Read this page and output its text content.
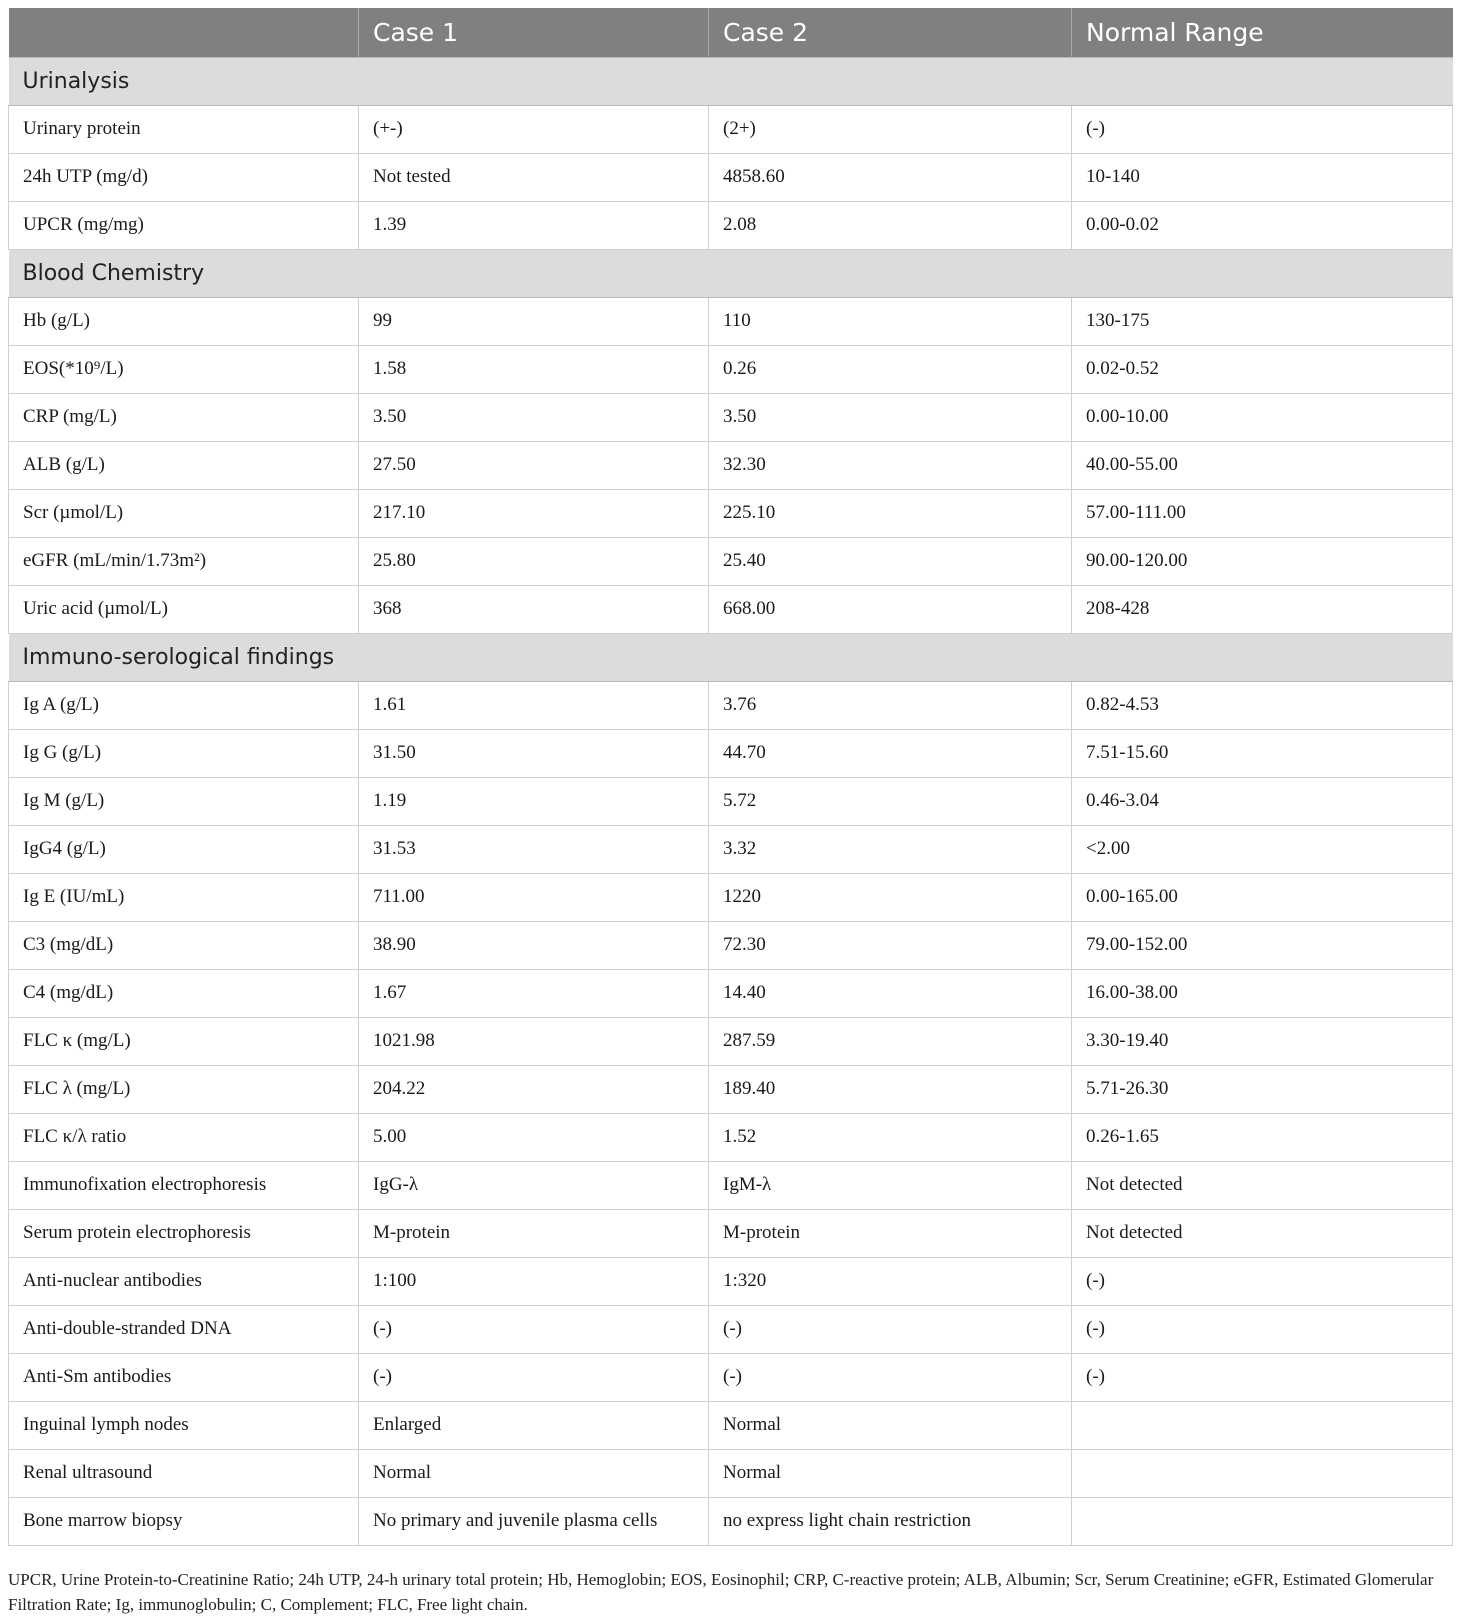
	Case 1	Case 2	Normal Range
Urinalysis			
Urinary protein	(+-)	(2+)	(-)
24h UTP (mg/d)	Not tested	4858.60	10-140
UPCR (mg/mg)	1.39	2.08	0.00-0.02
Blood Chemistry			
Hb (g/L)	99	110	130-175
EOS(*10⁹/L)	1.58	0.26	0.02-0.52
CRP (mg/L)	3.50	3.50	0.00-10.00
ALB (g/L)	27.50	32.30	40.00-55.00
Scr (µmol/L)	217.10	225.10	57.00-111.00
eGFR (mL/min/1.73m²)	25.80	25.40	90.00-120.00
Uric acid (µmol/L)	368	668.00	208-428
Immuno-serological findings			
Ig A (g/L)	1.61	3.76	0.82-4.53
Ig G (g/L)	31.50	44.70	7.51-15.60
Ig M (g/L)	1.19	5.72	0.46-3.04
IgG4 (g/L)	31.53	3.32	<2.00
Ig E (IU/mL)	711.00	1220	0.00-165.00
C3 (mg/dL)	38.90	72.30	79.00-152.00
C4 (mg/dL)	1.67	14.40	16.00-38.00
FLC κ (mg/L)	1021.98	287.59	3.30-19.40
FLC λ (mg/L)	204.22	189.40	5.71-26.30
FLC κ/λ ratio	5.00	1.52	0.26-1.65
Immunofixation electrophoresis	IgG-λ	IgM-λ	Not detected
Serum protein electrophoresis	M-protein	M-protein	Not detected
Anti-nuclear antibodies	1:100	1:320	(-)
Anti-double-stranded DNA	(-)	(-)	(-)
Anti-Sm antibodies	(-)	(-)	(-)
Inguinal lymph nodes	Enlarged	Normal	
Renal ultrasound	Normal	Normal	
Bone marrow biopsy	No primary and juvenile plasma cells	no express light chain restriction	
UPCR, Urine Protein-to-Creatinine Ratio; 24h UTP, 24-h urinary total protein; Hb, Hemoglobin; EOS, Eosinophil; CRP, C-reactive protein; ALB, Albumin; Scr, Serum Creatinine; eGFR, Estimated Glomerular Filtration Rate; Ig, immunoglobulin; C, Complement; FLC, Free light chain.
